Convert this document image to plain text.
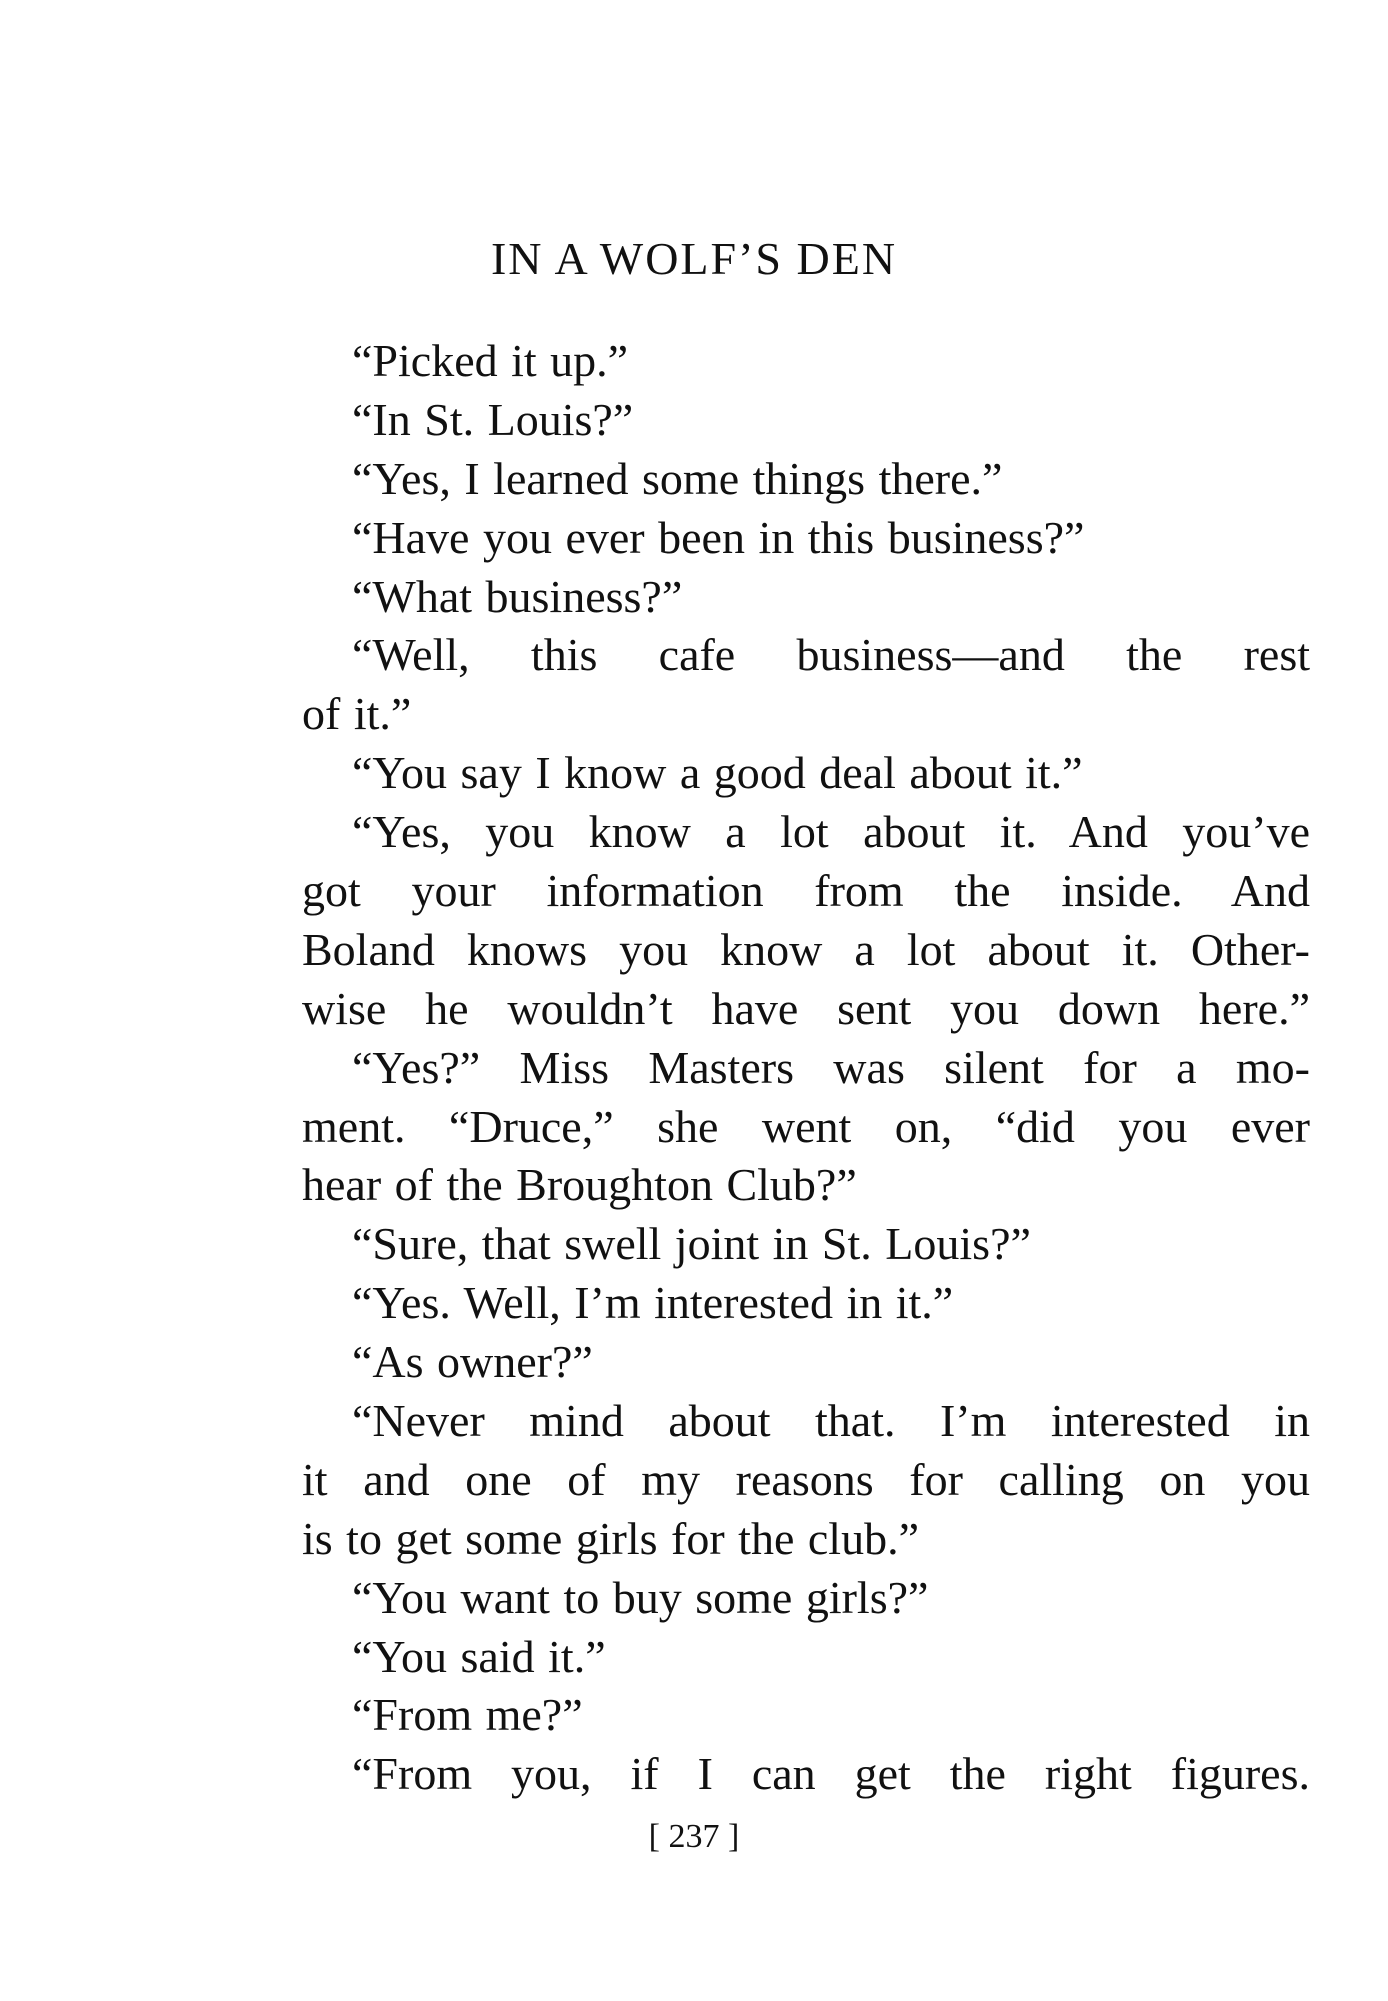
IN A WOLF’S DEN
“Picked it up.”
“In St. Louis?”
“Yes, I learned some things there.”
“Have you ever been in this business?”
“What business?”
“Well, this cafe business—and the rest
of it.”
“You say I know a good deal about it.”
“Yes, you know a lot about it. And you’ve
got your information from the inside. And
Boland knows you know a lot about it. Other-
wise he wouldn’t have sent you down here.”
“Yes?” Miss Masters was silent for a mo-
ment. “Druce,” she went on, “did you ever
hear of the Broughton Club?”
“Sure, that swell joint in St. Louis?”
“Yes. Well, I’m interested in it.”
“As owner?”
“Never mind about that. I’m interested in
it and one of my reasons for calling on you
is to get some girls for the club.”
“You want to buy some girls?”
“You said it.”
“From me?”
“From you, if I can get the right figures.
[ 237 ]
